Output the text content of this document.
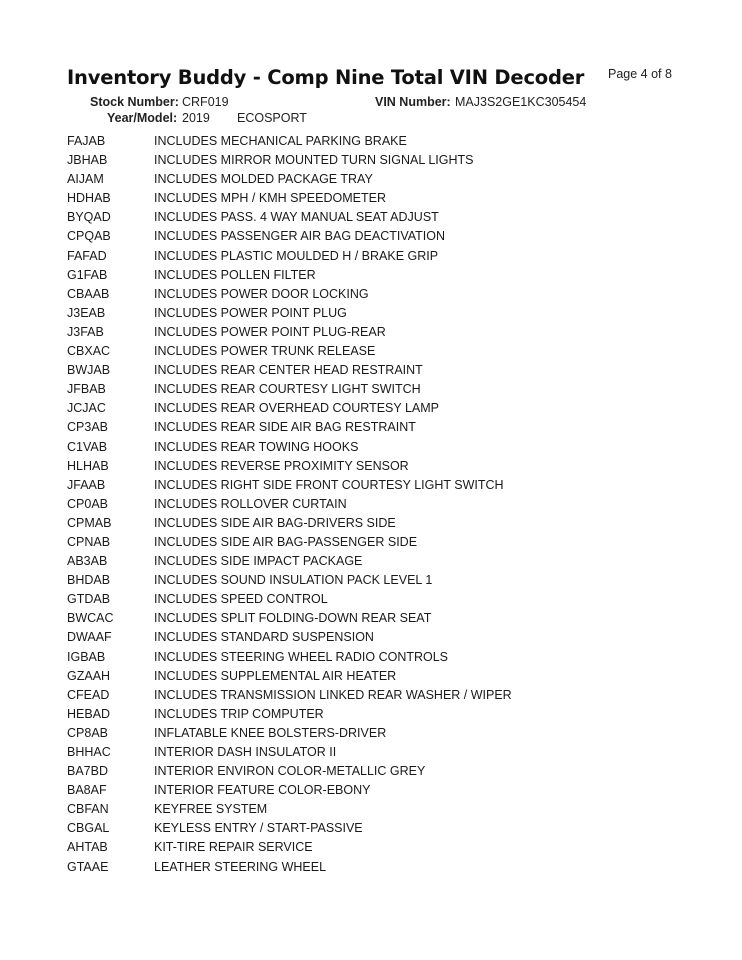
Inventory Buddy - Comp Nine Total VIN Decoder Page 4 of 8
Stock Number: CRF019	VIN Number: MAJ3S2GE1KC305454
Year/Model: 2019 ECOSPORT
FAJAB	INCLUDES MECHANICAL PARKING BRAKE
JBHAB	INCLUDES MIRROR MOUNTED TURN SIGNAL LIGHTS
AIJAM	INCLUDES MOLDED PACKAGE TRAY
HDHAB	INCLUDES MPH / KMH SPEEDOMETER
BYQAD	INCLUDES PASS. 4 WAY MANUAL SEAT ADJUST
CPQAB	INCLUDES PASSENGER AIR BAG DEACTIVATION
FAFAD	INCLUDES PLASTIC MOULDED H / BRAKE GRIP
G1FAB	INCLUDES POLLEN FILTER
CBAAB	INCLUDES POWER DOOR LOCKING
J3EAB	INCLUDES POWER POINT PLUG
J3FAB	INCLUDES POWER POINT PLUG-REAR
CBXAC	INCLUDES POWER TRUNK RELEASE
BWJAB	INCLUDES REAR CENTER HEAD RESTRAINT
JFBAB	INCLUDES REAR COURTESY LIGHT SWITCH
JCJAC	INCLUDES REAR OVERHEAD COURTESY LAMP
CP3AB	INCLUDES REAR SIDE AIR BAG RESTRAINT
C1VAB	INCLUDES REAR TOWING HOOKS
HLHAB	INCLUDES REVERSE PROXIMITY SENSOR
JFAAB	INCLUDES RIGHT SIDE FRONT COURTESY LIGHT SWITCH
CP0AB	INCLUDES ROLLOVER CURTAIN
CPMAB	INCLUDES SIDE AIR BAG-DRIVERS SIDE
CPNAB	INCLUDES SIDE AIR BAG-PASSENGER SIDE
AB3AB	INCLUDES SIDE IMPACT PACKAGE
BHDAB	INCLUDES SOUND INSULATION PACK LEVEL 1
GTDAB	INCLUDES SPEED CONTROL
BWCAC	INCLUDES SPLIT FOLDING-DOWN REAR SEAT
DWAAF	INCLUDES STANDARD SUSPENSION
IGBAB	INCLUDES STEERING WHEEL RADIO CONTROLS
GZAAH	INCLUDES SUPPLEMENTAL AIR HEATER
CFEAD	INCLUDES TRANSMISSION LINKED REAR WASHER / WIPER
HEBAD	INCLUDES TRIP COMPUTER
CP8AB	INFLATABLE KNEE BOLSTERS-DRIVER
BHHAC	INTERIOR DASH INSULATOR II
BA7BD	INTERIOR ENVIRON COLOR-METALLIC GREY
BA8AF	INTERIOR FEATURE COLOR-EBONY
CBFAN	KEYFREE SYSTEM
CBGAL	KEYLESS ENTRY / START-PASSIVE
AHTAB	KIT-TIRE REPAIR SERVICE
GTAAE	LEATHER STEERING WHEEL
